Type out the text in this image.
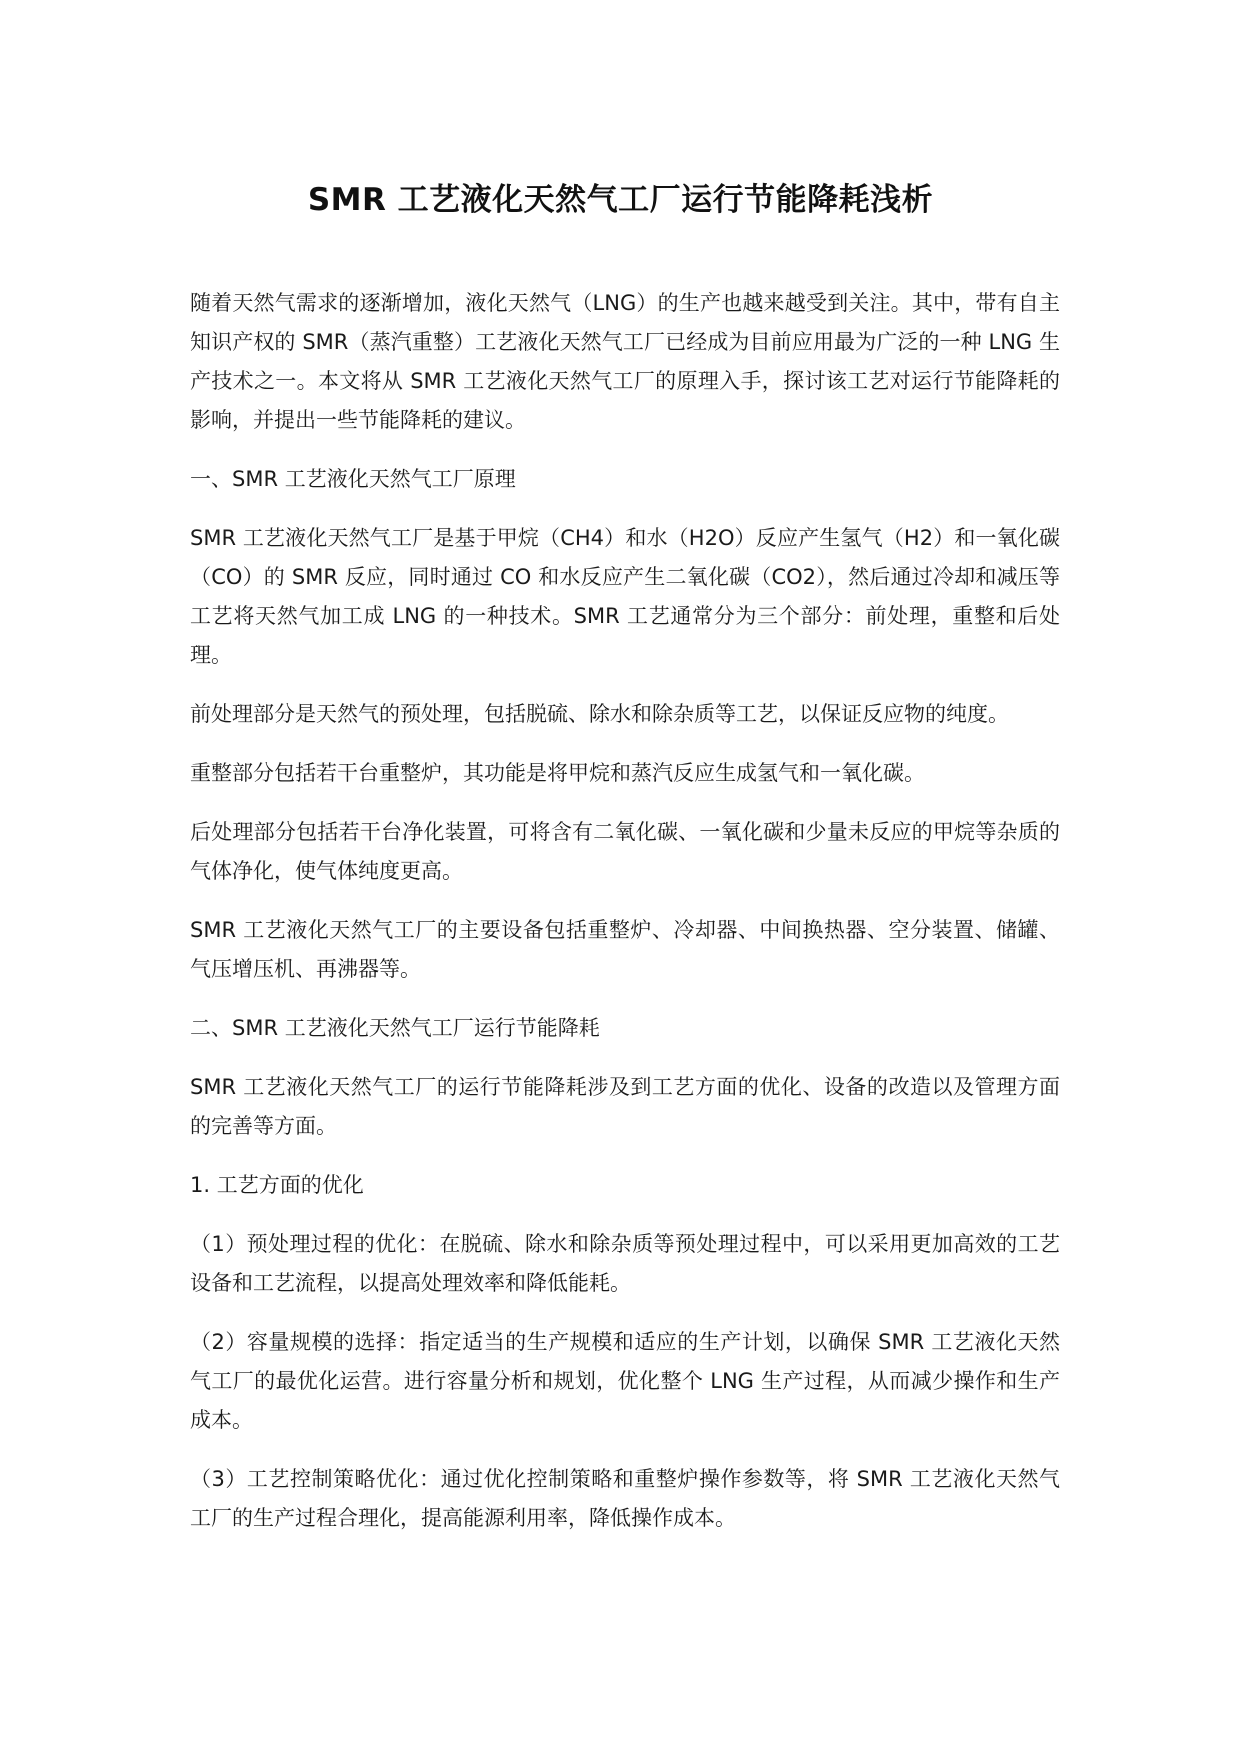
SMR 工艺液化天然气工厂运行节能降耗浅析

随着天然气需求的逐渐增加，液化天然气（LNG）的生产也越来越受到关注。其中，带有自主知识产权的 SMR（蒸汽重整）工艺液化天然气工厂已经成为目前应用最为广泛的一种 LNG 生产技术之一。本文将从 SMR 工艺液化天然气工厂的原理入手，探讨该工艺对运行节能降耗的影响，并提出一些节能降耗的建议。

一、SMR 工艺液化天然气工厂原理

SMR 工艺液化天然气工厂是基于甲烷（CH4）和水（H2O）反应产生氢气（H2）和一氧化碳（CO）的 SMR 反应，同时通过 CO 和水反应产生二氧化碳（CO2），然后通过冷却和减压等工艺将天然气加工成 LNG 的一种技术。SMR 工艺通常分为三个部分：前处理，重整和后处理。

前处理部分是天然气的预处理，包括脱硫、除水和除杂质等工艺，以保证反应物的纯度。

重整部分包括若干台重整炉，其功能是将甲烷和蒸汽反应生成氢气和一氧化碳。

后处理部分包括若干台净化装置，可将含有二氧化碳、一氧化碳和少量未反应的甲烷等杂质的气体净化，使气体纯度更高。

SMR 工艺液化天然气工厂的主要设备包括重整炉、冷却器、中间换热器、空分装置、储罐、气压增压机、再沸器等。

二、SMR 工艺液化天然气工厂运行节能降耗

SMR 工艺液化天然气工厂的运行节能降耗涉及到工艺方面的优化、设备的改造以及管理方面的完善等方面。

1. 工艺方面的优化

（1）预处理过程的优化：在脱硫、除水和除杂质等预处理过程中，可以采用更加高效的工艺设备和工艺流程，以提高处理效率和降低能耗。

（2）容量规模的选择：指定适当的生产规模和适应的生产计划，以确保 SMR 工艺液化天然气工厂的最优化运营。进行容量分析和规划，优化整个 LNG 生产过程，从而减少操作和生产成本。

（3）工艺控制策略优化：通过优化控制策略和重整炉操作参数等，将 SMR 工艺液化天然气工厂的生产过程合理化，提高能源利用率，降低操作成本。
